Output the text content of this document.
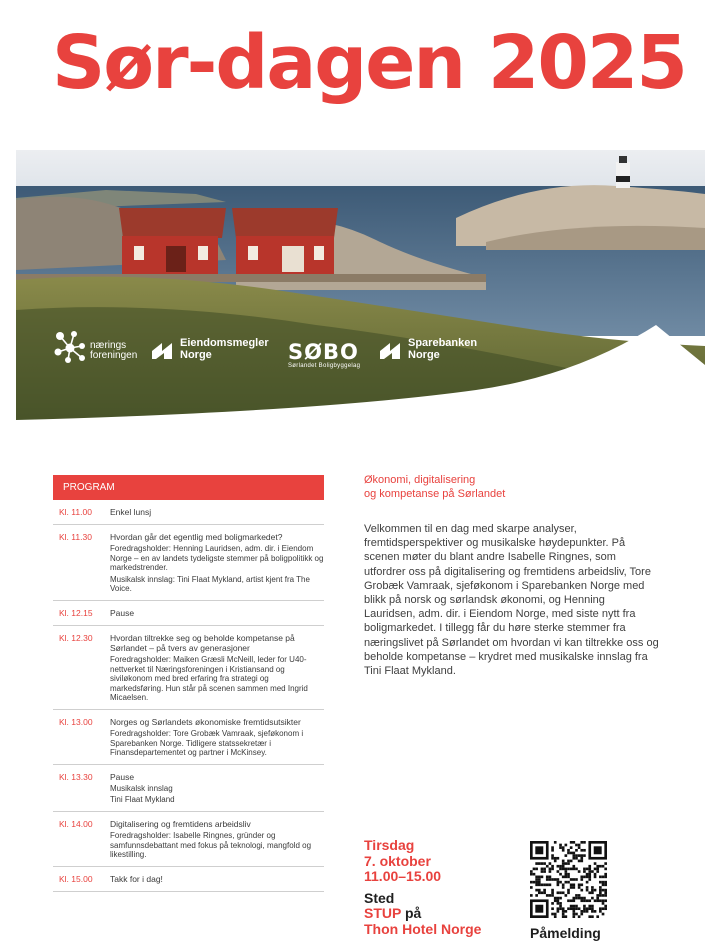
Sør-dagen 2025
nærings
foreningen
Eiendomsmegler
Norge	SØBO
Sørlandet Boligbyggelag
Sparebanken
Norge
PROGRAM
Kl. 11.00	Enkel lunsj
Kl. 11.30	Hvordan går det egentlig med boligmarkedet?
Foredragsholder: Henning Lauridsen, adm. dir. i Eiendom Norge – en av landets tydeligste stemmer på boligpolitikk og markedstrender.
Musikalsk innslag: Tini Flaat Mykland, artist kjent fra The Voice.
Kl. 12.15	Pause
Kl. 12.30	Hvordan tiltrekke seg og beholde kompetanse på Sørlandet – på tvers av generasjoner
Foredragsholder: Maiken Græsli McNeill, leder for U40-nettverket til Næringsforeningen i Kristiansand og siviløkonom med bred erfaring fra strategi og markedsføring. Hun står på scenen sammen med Ingrid Micaelsen.
Kl. 13.00	Norges og Sørlandets økonomiske fremtidsutsikter
Foredragsholder: Tore Grobæk Vamraak, sjeføkonom i Sparebanken Norge. Tidligere statssekretær i Finansdepartementet og partner i McKinsey.
Kl. 13.30	Pause
Musikalsk innslag
Tini Flaat Mykland
Kl. 14.00	Digitalisering og fremtidens arbeidsliv
Foredragsholder: Isabelle Ringnes, gründer og samfunnsdebattant med fokus på teknologi, mangfold og likestilling.
Kl. 15.00	Takk for i dag!

Økonomi, digitalisering
og kompetanse på Sørlandet

Velkommen til en dag med skarpe analyser, fremtidsperspektiver og musikalske høydepunkter. På scenen møter du blant andre Isabelle Ringnes, som utfordrer oss på digitalisering og fremtidens arbeidsliv, Tore Grobæk Vamraak, sjeføkonom i Sparebanken Norge med blikk på norsk og sørlandsk økonomi, og Henning Lauridsen, adm. dir. i Eiendom Norge, med siste nytt fra boligmarkedet. I tillegg får du høre sterke stemmer fra næringslivet på Sørlandet om hvordan vi kan tiltrekke oss og beholde kompetanse – krydret med musikalske innslag fra Tini Flaat Mykland.
Tirsdag
7. oktober
11.00–15.00
Sted
STUP på
Thon Hotel Norge	Påmelding
